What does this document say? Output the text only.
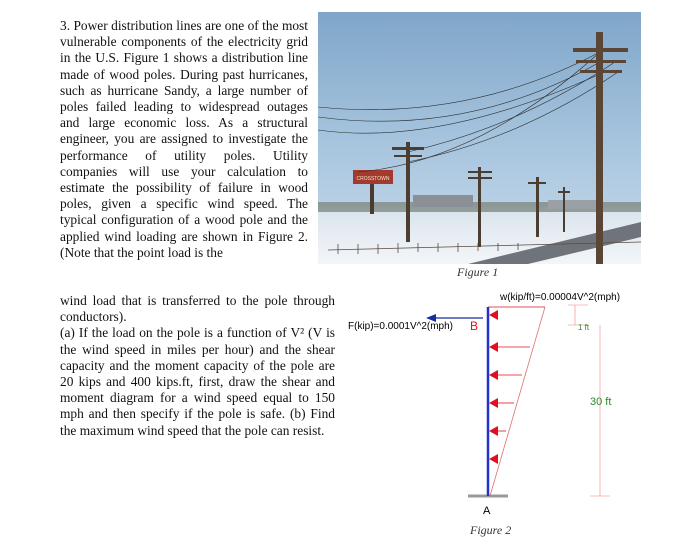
3. Power distribution lines are one of the most vulnerable components of the electricity grid in the U.S. Figure 1 shows a distribution line made of wood poles. During past hurricanes, such as hurricane Sandy, a large number of poles failed leading to widespread outages and large economic loss. As a structural engineer, you are assigned to investigate the performance of utility poles. Utility companies will use your calculation to estimate the possibility of failure in wood poles, given a specific wind speed. The typical configuration of a wood pole and the applied wind loading are shown in Figure 2. (Note that the point load is the

wind load that is transferred to the pole through conductors).

(a) If the load on the pole is a function of V² (V is the wind speed in miles per hour) and the shear capacity and the moment capacity of the pole are 20 kips and 400 kips.ft, first, draw the shear and moment diagram for a wind speed equal to 150 mph and then specify if the pole is safe. (b) Find the maximum wind speed that the pole can resist.

CROSSTOWN
Figure 1
w(kip/ft)=0.00004V^2(mph)
F(kip)=0.0001V^2(mph) B	1 ft
30 ft
A
Figure 2
